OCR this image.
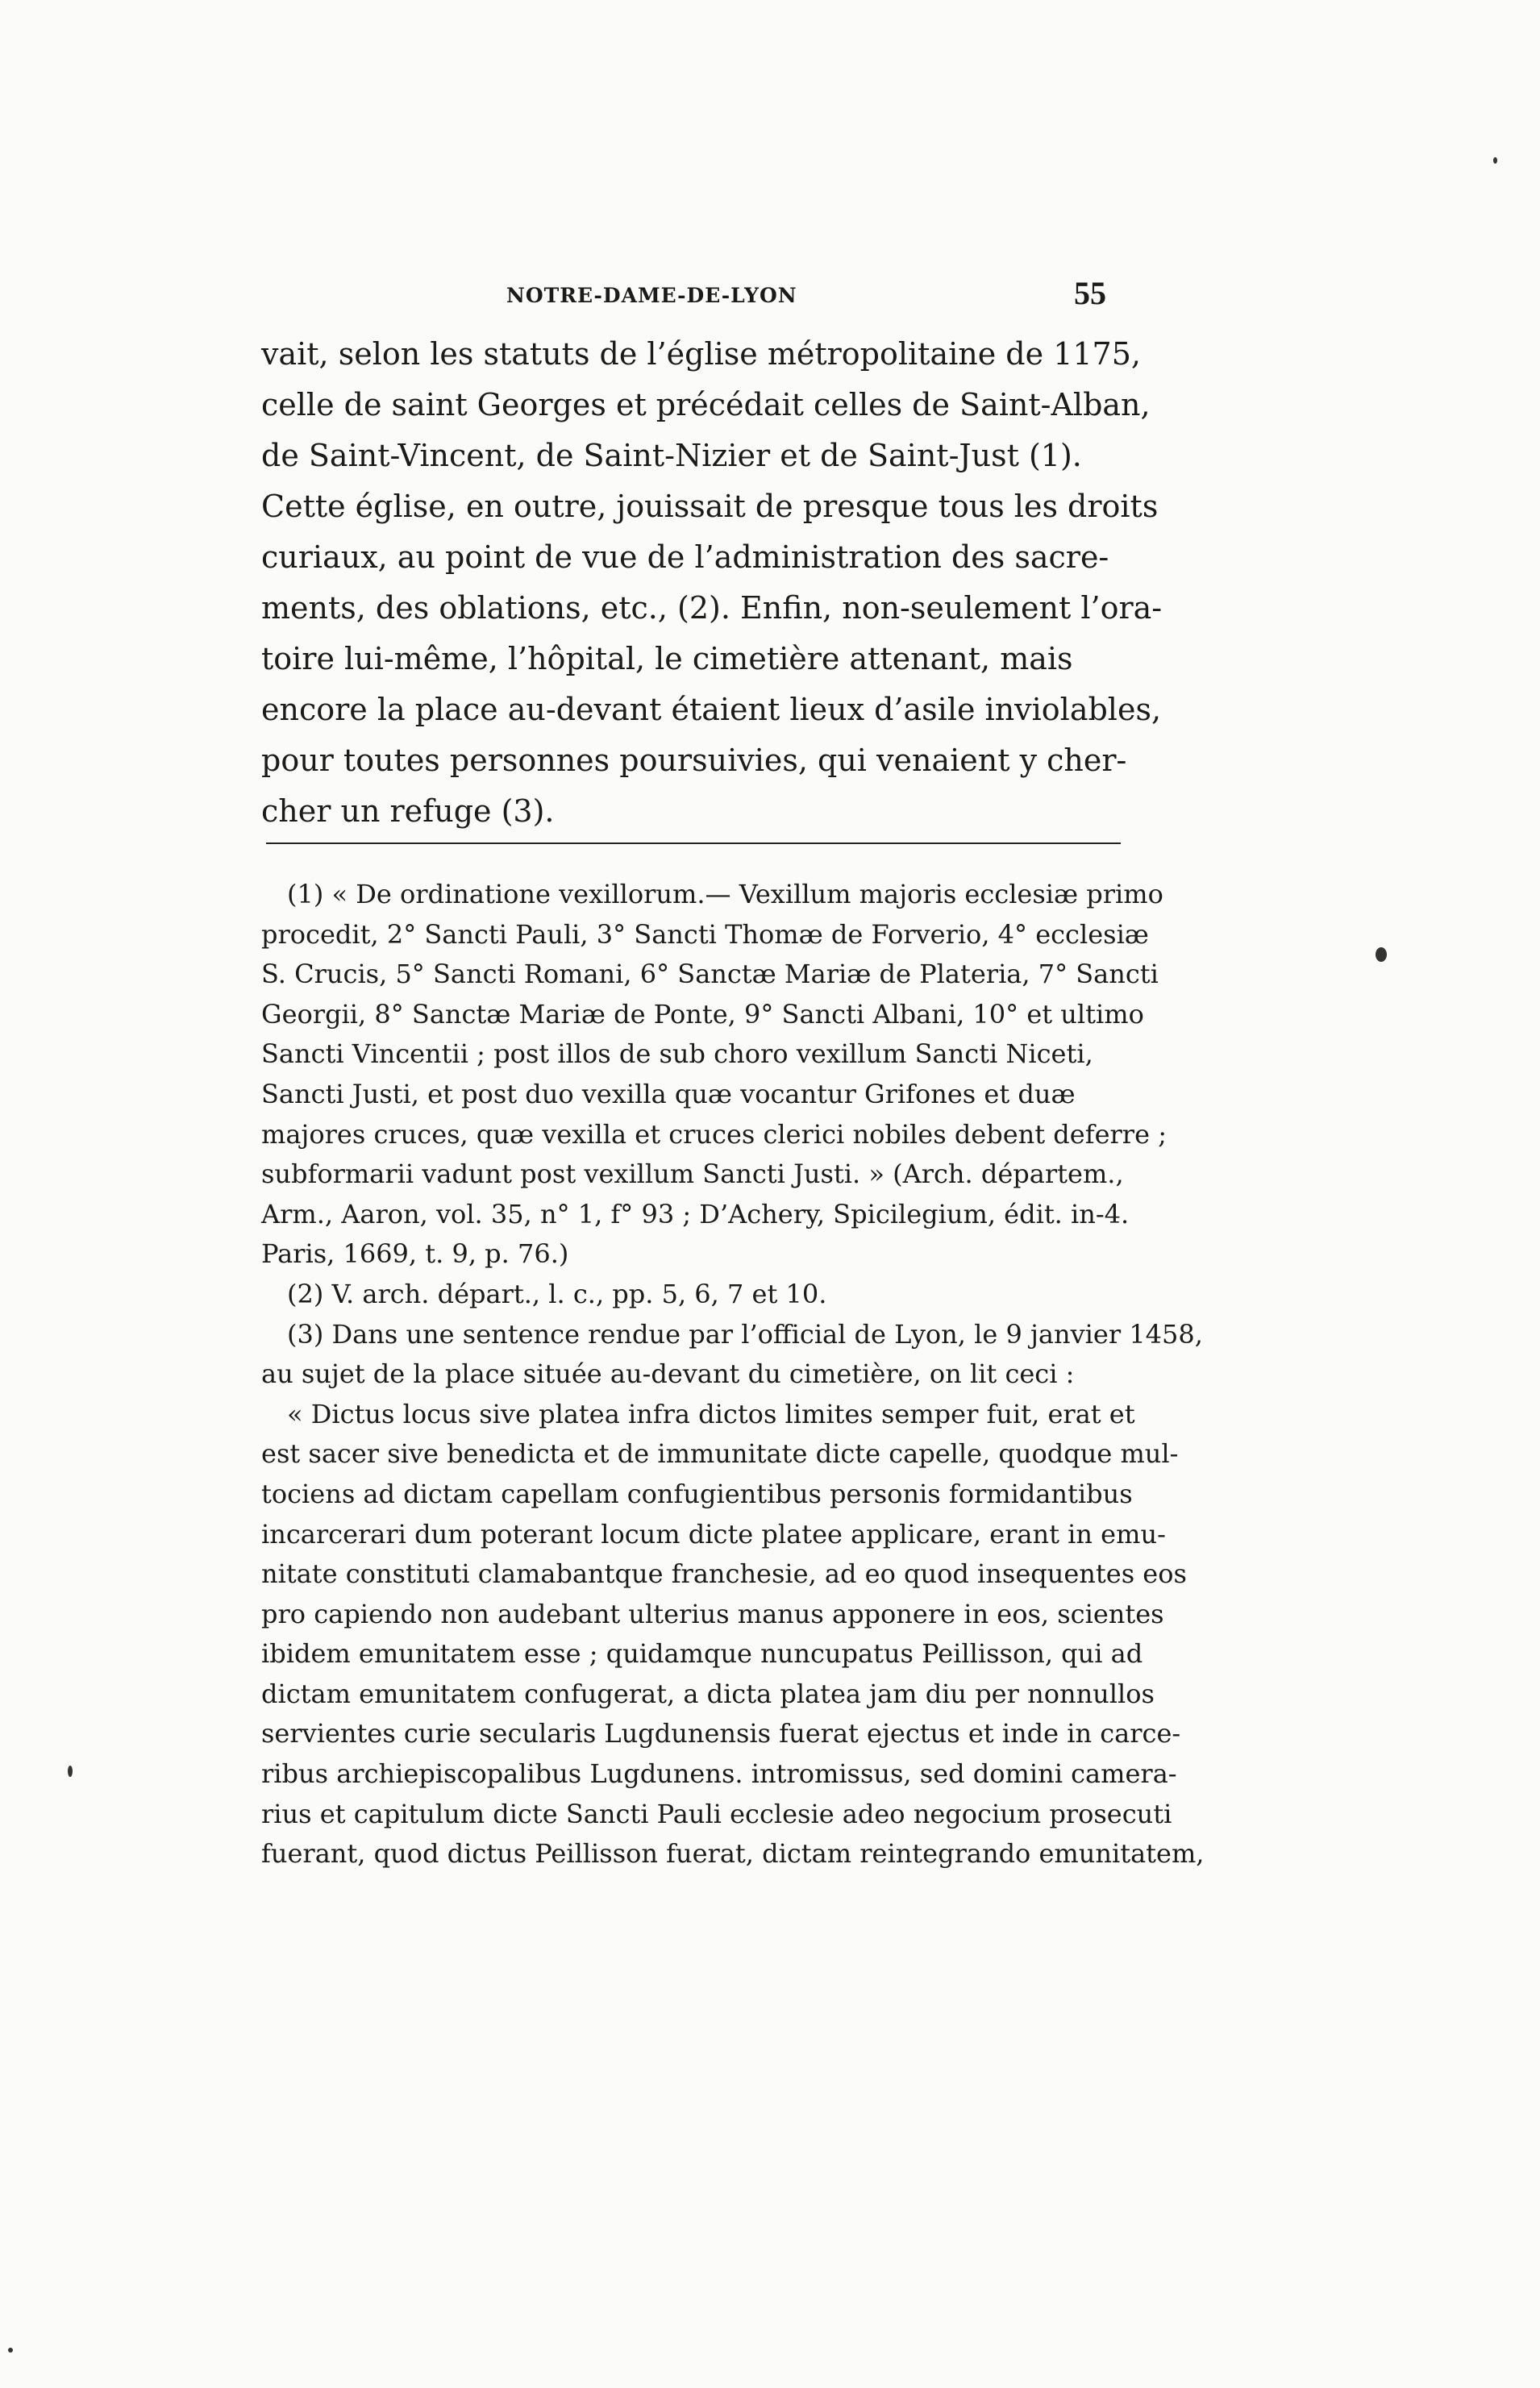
NOTRE-DAME-DE-LYON	55
vait, selon les statuts de l’église métropolitaine de 1175,
celle de saint Georges et précédait celles de Saint-Alban,
de Saint-Vincent, de Saint-Nizier et de Saint-Just (1).
Cette église, en outre, jouissait de presque tous les droits
curiaux, au point de vue de l’administration des sacre-
ments, des oblations, etc., (2). Enfin, non-seulement l’ora-
toire lui-même, l’hôpital, le cimetière attenant, mais
encore la place au-devant étaient lieux d’asile inviolables,
pour toutes personnes poursuivies, qui venaient y cher-
cher un refuge (3).
(1) « De ordinatione vexillorum.— Vexillum majoris ecclesiæ primo
procedit, 2° Sancti Pauli, 3° Sancti Thomæ de Forverio, 4° ecclesiæ
S. Crucis, 5° Sancti Romani, 6° Sanctæ Mariæ de Plateria, 7° Sancti
Georgii, 8° Sanctæ Mariæ de Ponte, 9° Sancti Albani, 10° et ultimo
Sancti Vincentii ; post illos de sub choro vexillum Sancti Niceti,
Sancti Justi, et post duo vexilla quæ vocantur Grifones et duæ
majores cruces, quæ vexilla et cruces clerici nobiles debent deferre ;
subformarii vadunt post vexillum Sancti Justi. » (Arch. départem.,
Arm., Aaron, vol. 35, n° 1, f° 93 ; D’Achery, Spicilegium, édit. in-4.
Paris, 1669, t. 9, p. 76.)
(2) V. arch. départ., l. c., pp. 5, 6, 7 et 10.
(3) Dans une sentence rendue par l’official de Lyon, le 9 janvier 1458,
au sujet de la place située au-devant du cimetière, on lit ceci :
« Dictus locus sive platea infra dictos limites semper fuit, erat et
est sacer sive benedicta et de immunitate dicte capelle, quodque mul-
tociens ad dictam capellam confugientibus personis formidantibus
incarcerari dum poterant locum dicte platee applicare, erant in emu-
nitate constituti clamabantque franchesie, ad eo quod insequentes eos
pro capiendo non audebant ulterius manus apponere in eos, scientes
ibidem emunitatem esse ; quidamque nuncupatus Peillisson, qui ad
dictam emunitatem confugerat, a dicta platea jam diu per nonnullos
servientes curie secularis Lugdunensis fuerat ejectus et inde in carce-
ribus archiepiscopalibus Lugdunens. intromissus, sed domini camera-
rius et capitulum dicte Sancti Pauli ecclesie adeo negocium prosecuti
fuerant, quod dictus Peillisson fuerat, dictam reintegrando emunitatem,
